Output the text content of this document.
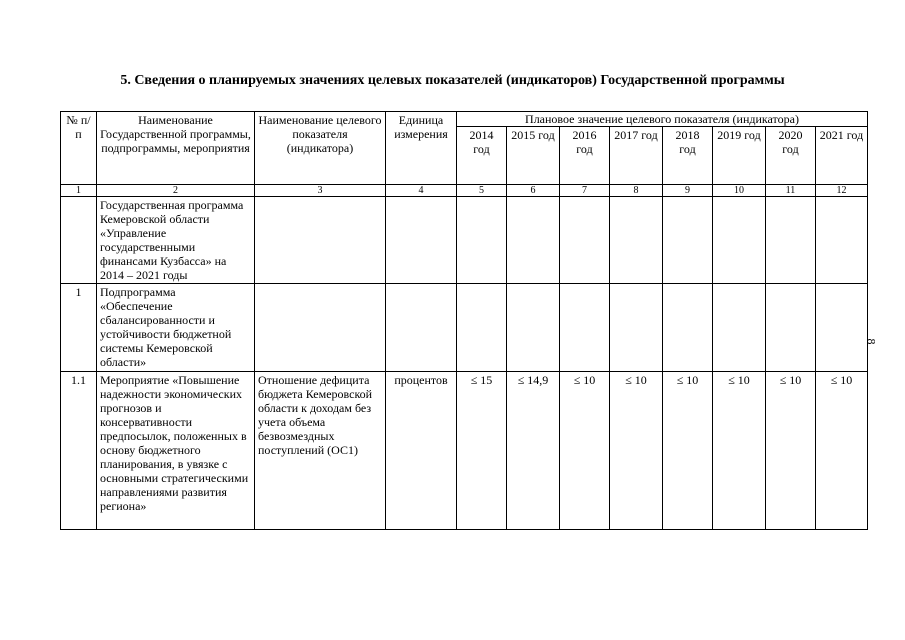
5. Сведения о планируемых значениях целевых показателей (индикаторов) Государственной программы
№ п/п	Наименование Государственной программы, подпрограммы, мероприятия	Наименование целевого показателя (индикатора)	Единица измерения	Плановое значение целевого показателя (индикатора)							
				2014 год	2015 год	2016 год	2017 год	2018 год	2019 год	2020 год	2021 год
1	2	3	4	5	6	7	8	9	10	11	12
	Государственная программа Кемеровской области «Управление государственными финансами Кузбасса» на 2014 – 2021 годы										
1	Подпрограмма «Обеспечение сбалансированности и устойчивости бюджетной системы Кемеровской области»										
1.1	Мероприятие «Повышение надежности экономических прогнозов и консервативности предпосылок, положенных в основу бюджетного планирования, в увязке с основными стратегическими направлениями развития региона»	Отношение дефицита бюджета Кемеровской области к доходам без учета объема безвозмездных поступлений (ОС1)	процентов	≤ 15	≤ 14,9	≤ 10	≤ 10	≤ 10	≤ 10	≤ 10	≤ 10
8
